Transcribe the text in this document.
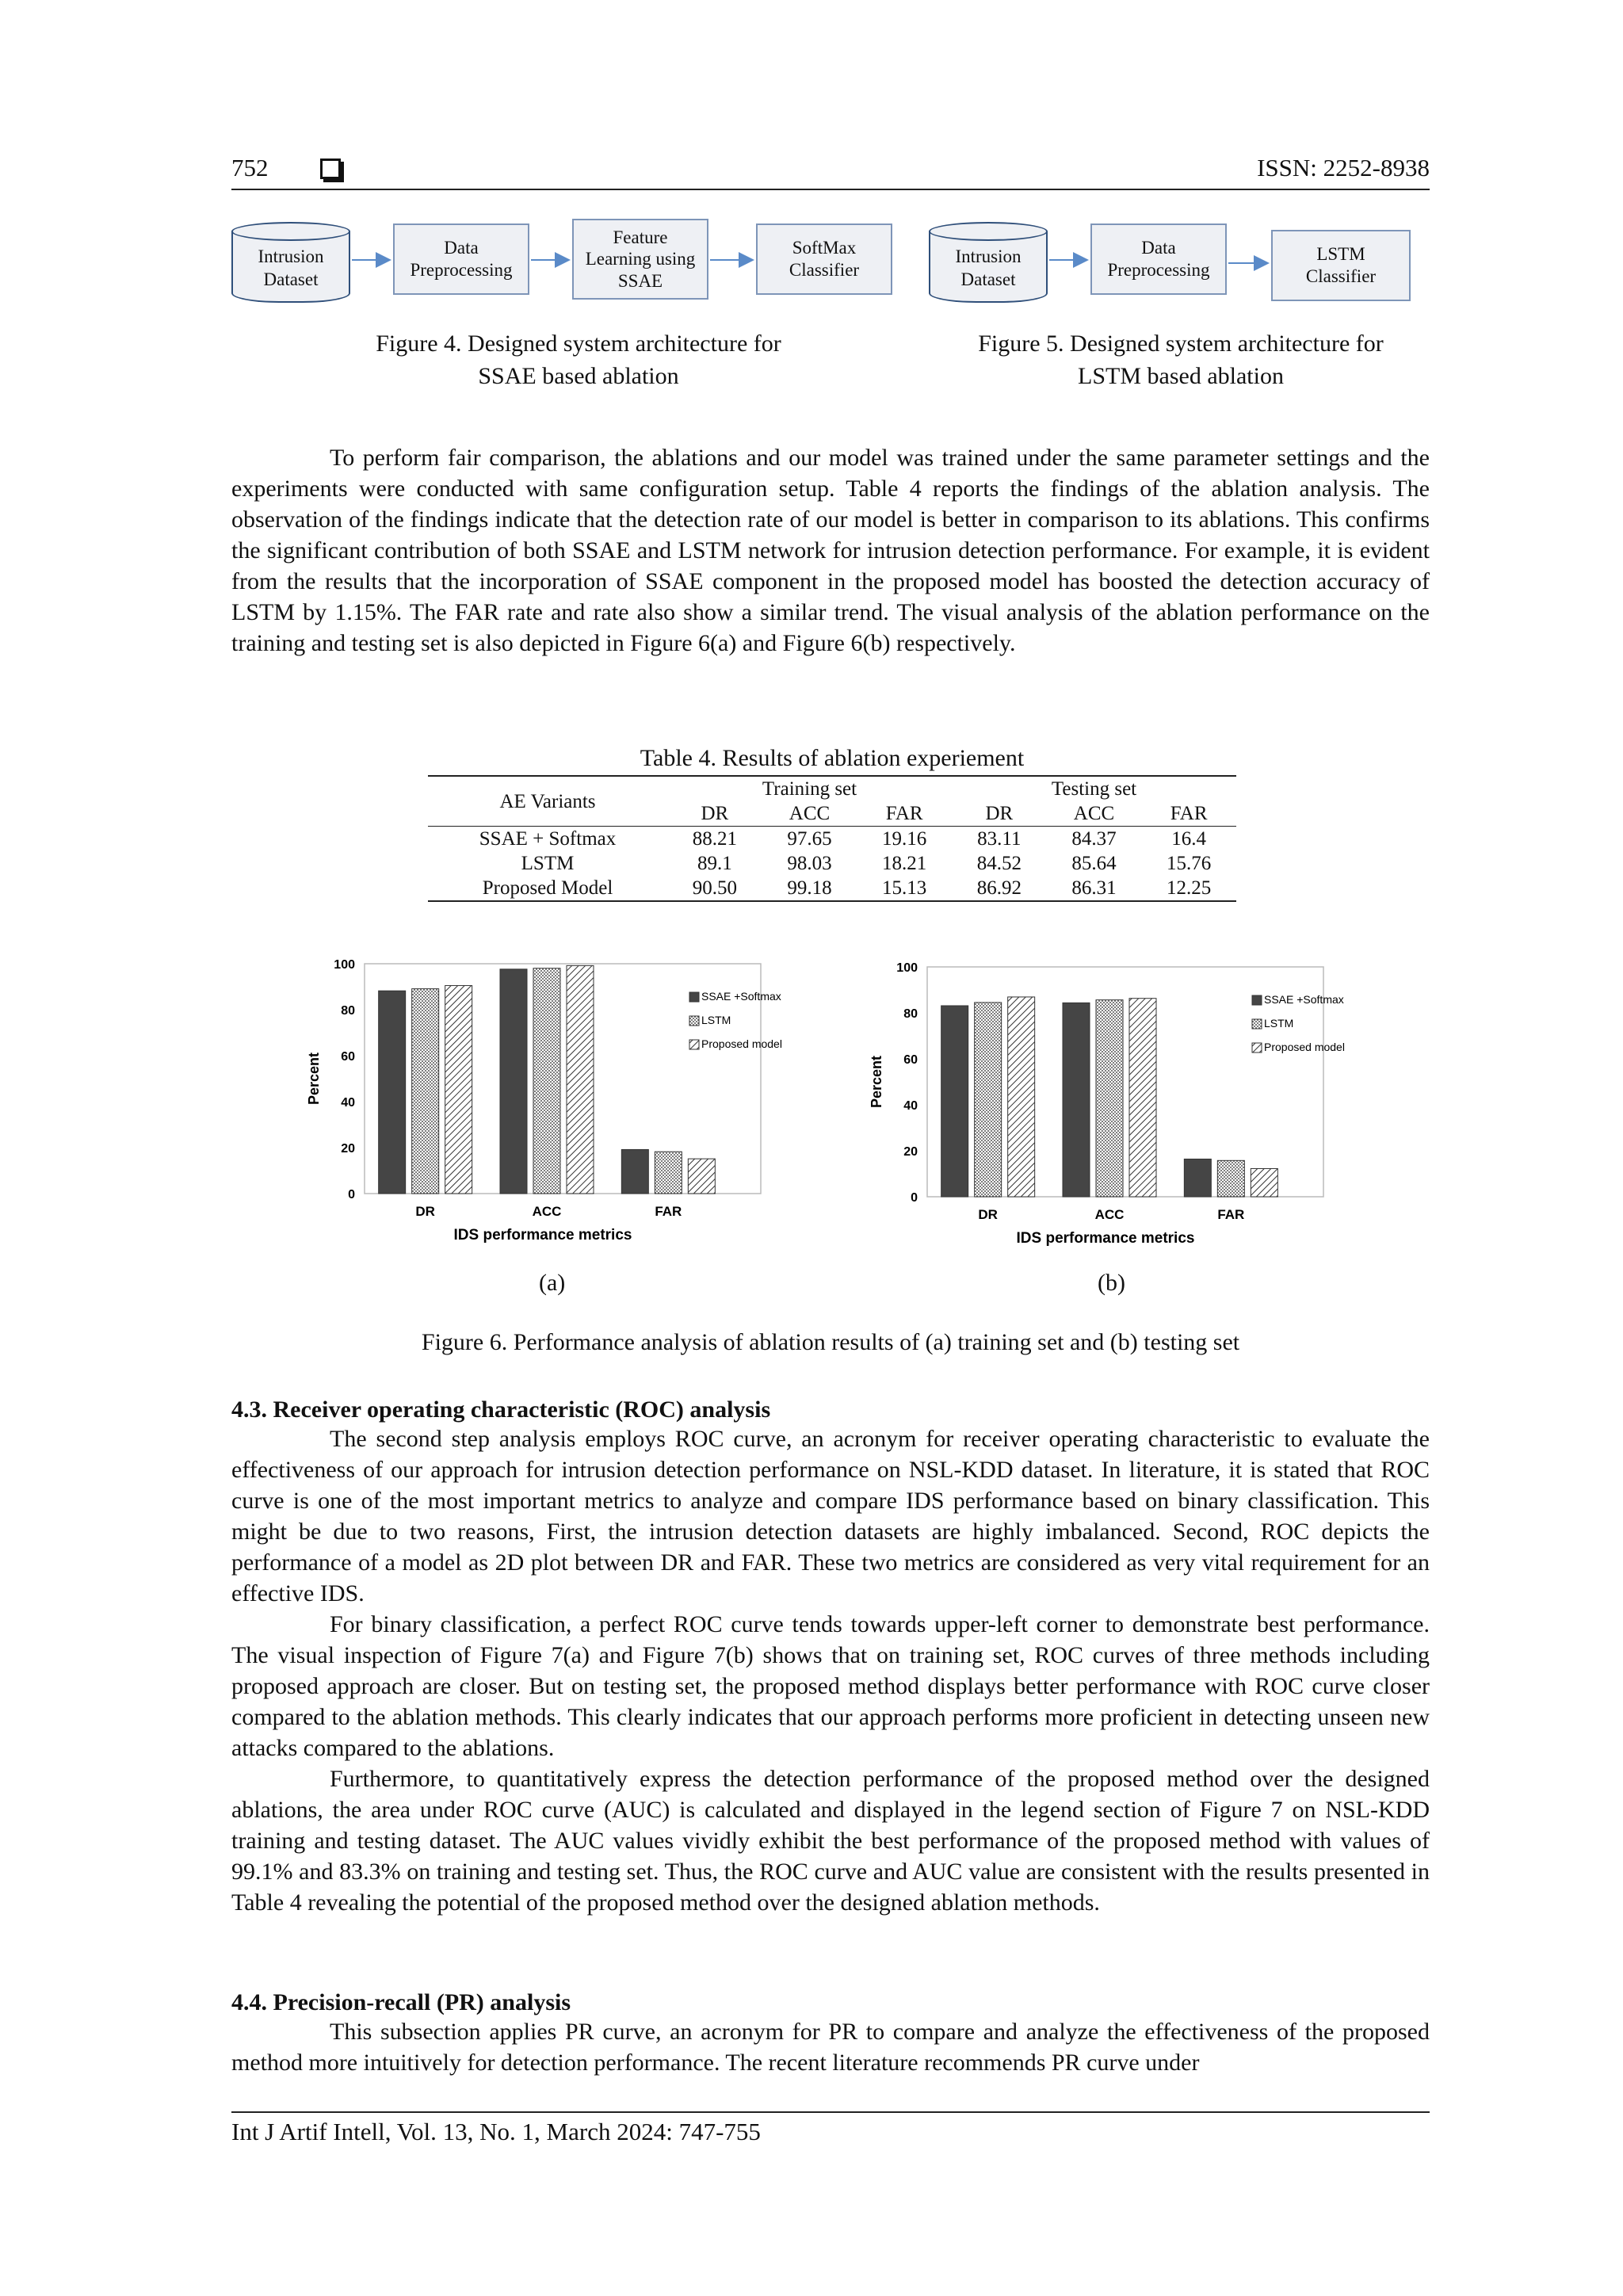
752	ISSN: 2252-8938
Intrusion
Dataset
Data
Preprocessing
Feature
Learning using
SSAE
SoftMax
Classifier
Intrusion
Dataset
Data
Preprocessing
LSTM
Classifier
Figure 4. Designed system architecture for
SSAE based ablation
Figure 5. Designed system architecture for
LSTM based ablation

To perform fair comparison, the ablations and our model was trained under the same parameter settings and the experiments were conducted with same configuration setup. Table 4 reports the findings of the ablation analysis. The observation of the findings indicate that the detection rate of our model is better in comparison to its ablations. This confirms the significant contribution of both SSAE and LSTM network for intrusion detection performance. For example, it is evident from the results that the incorporation of SSAE component in the proposed model has boosted the detection accuracy of LSTM by 1.15%. The FAR rate and rate also show a similar trend. The visual analysis of the ablation performance on the training and testing set is also depicted in Figure 6(a) and Figure 6(b) respectively.

Table 4. Results of ablation experiement
AE Variants	Training set			Testing set		
	DR	ACC	FAR	DR	ACC	FAR
SSAE + Softmax	88.21	97.65	19.16	83.11	84.37	16.4
LSTM	89.1	98.03	18.21	84.52	85.64	15.76
Proposed Model	90.50	99.18	15.13	86.92	86.31	12.25
0
20
40
60
80
100
Percent
DR	ACC	FAR
IDS performance metrics
SSAE +Softmax
LSTM
Proposed model
0
20
40
60
80
100
Percent
DR	ACC	FAR
IDS performance metrics
SSAE +Softmax
LSTM
Proposed model
(a)	(b)
Figure 6. Performance analysis of ablation results of (a) training set and (b) testing set
4.3. Receiver operating characteristic (ROC) analysis

The second step analysis employs ROC curve, an acronym for receiver operating characteristic to evaluate the effectiveness of our approach for intrusion detection performance on NSL-KDD dataset. In literature, it is stated that ROC curve is one of the most important metrics to analyze and compare IDS performance based on binary classification. This might be due to two reasons, First, the intrusion detection datasets are highly imbalanced. Second, ROC depicts the performance of a model as 2D plot between DR and FAR. These two metrics are considered as very vital requirement for an effective IDS.

For binary classification, a perfect ROC curve tends towards upper-left corner to demonstrate best performance. The visual inspection of Figure 7(a) and Figure 7(b) shows that on training set, ROC curves of three methods including proposed approach are closer. But on testing set, the proposed method displays better performance with ROC curve closer compared to the ablation methods. This clearly indicates that our approach performs more proficient in detecting unseen new attacks compared to the ablations.

Furthermore, to quantitatively express the detection performance of the proposed method over the designed ablations, the area under ROC curve (AUC) is calculated and displayed in the legend section of Figure 7 on NSL-KDD training and testing dataset. The AUC values vividly exhibit the best performance of the proposed method with values of 99.1% and 83.3% on training and testing set. Thus, the ROC curve and AUC value are consistent with the results presented in Table 4 revealing the potential of the proposed method over the designed ablation methods.

4.4. Precision-recall (PR) analysis

This subsection applies PR curve, an acronym for PR to compare and analyze the effectiveness of the proposed method more intuitively for detection performance. The recent literature recommends PR curve under

Int J Artif Intell, Vol. 13, No. 1, March 2024: 747-755
